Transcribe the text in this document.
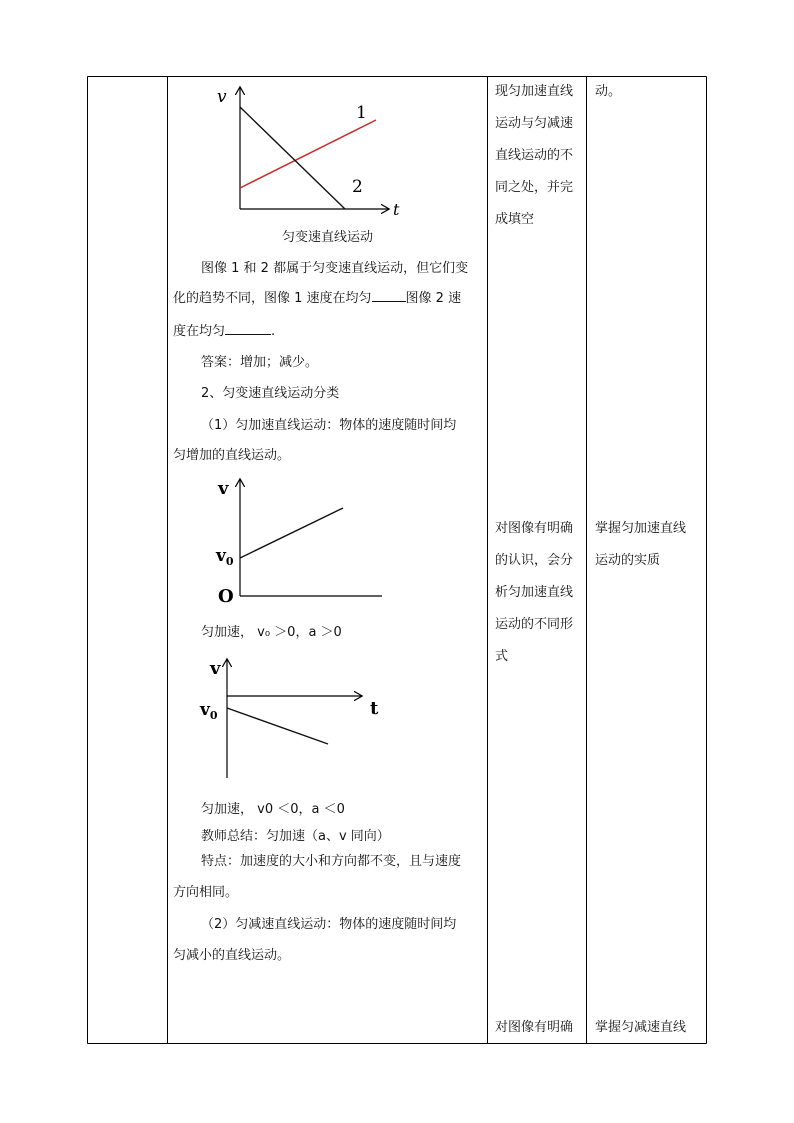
v
t
1
2
匀变速直线运动
图像 1 和 2 都属于匀变速直线运动，但它们变
化的趋势不同，图像 1 速度在均匀	图像 2 速
度在均匀	.
答案：增加；减少。
2、匀变速直线运动分类
（1）匀加速直线运动：物体的速度随时间均
匀增加的直线运动。
v
$v_0$
O
匀加速， v₀ ＞0，a ＞0
v
t
$v_0$
匀加速， v0 ＜0，a ＜0
教师总结：匀加速（a、v 同向）
特点：加速度的大小和方向都不变，且与速度
方向相同。
（2）匀减速直线运动：物体的速度随时间均
匀减小的直线运动。
现匀加速直线
运动与匀减速
直线运动的不
同之处，并完
成填空
对图像有明确
的认识，会分
析匀加速直线
运动的不同形
式
对图像有明确
动。
掌握匀加速直线
运动的实质
掌握匀减速直线
